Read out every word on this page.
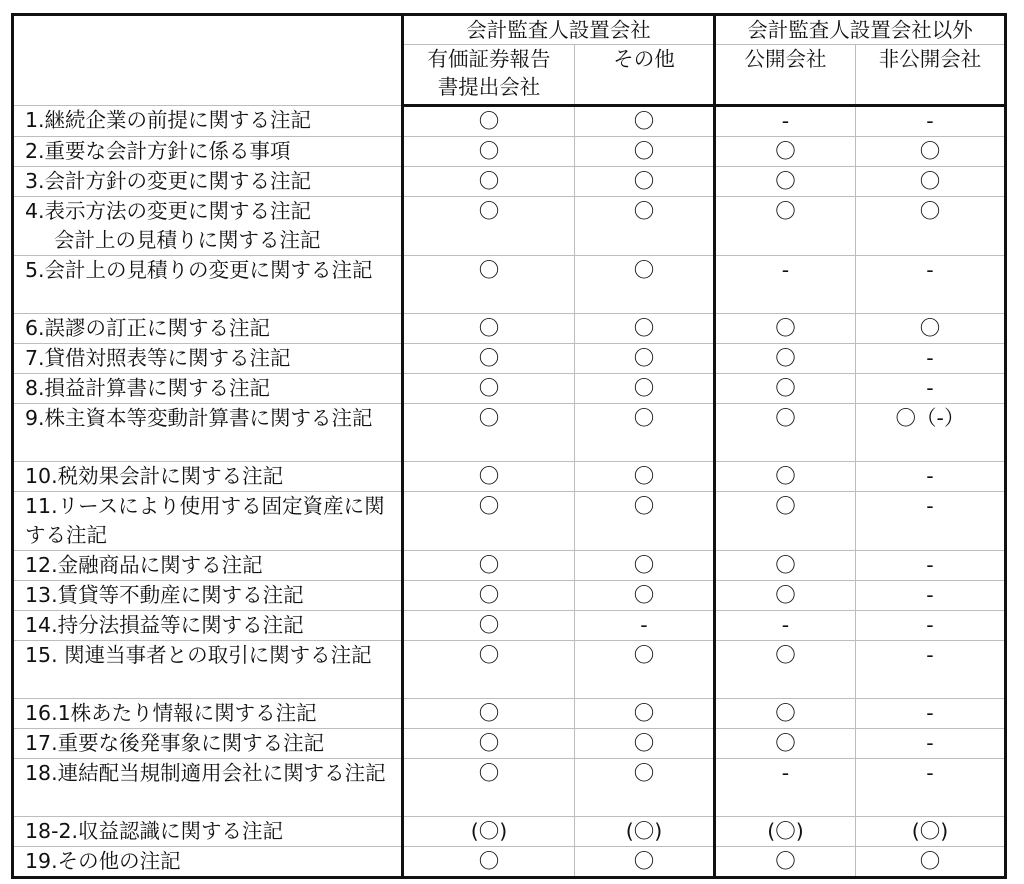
	会計監査人設置会社		会計監査人設置会社以外	
	有価証券報告書提出会社	その他	公開会社	非公開会社
1.継続企業の前提に関する注記	〇	〇	-	-
2.重要な会計方針に係る事項	〇	〇	〇	〇
3.会計方針の変更に関する注記	〇	〇	〇	〇
4.表示方法の変更に関する注記
会計上の見積りに関する注記	〇	〇	〇	〇
5.会計上の見積りの変更に関する注記	〇	〇	-	-
6.誤謬の訂正に関する注記	〇	〇	〇	〇
7.貸借対照表等に関する注記	〇	〇	〇	-
8.損益計算書に関する注記	〇	〇	〇	-
9.株主資本等変動計算書に関する注記	〇	〇	〇	〇（-）
10.税効果会計に関する注記	〇	〇	〇	-
11.リースにより使用する固定資産に関する注記	〇	〇	〇	-
12.金融商品に関する注記	〇	〇	〇	-
13.賃貸等不動産に関する注記	〇	〇	〇	-
14.持分法損益等に関する注記	〇	-	-	-
15. 関連当事者との取引に関する注記	〇	〇	〇	-
16.1株あたり情報に関する注記	〇	〇	〇	-
17.重要な後発事象に関する注記	〇	〇	〇	-
18.連結配当規制適用会社に関する注記	〇	〇	-	-
18-2.収益認識に関する注記	(〇)	(〇)	(〇)	(〇)
19.その他の注記	〇	〇	〇	〇
